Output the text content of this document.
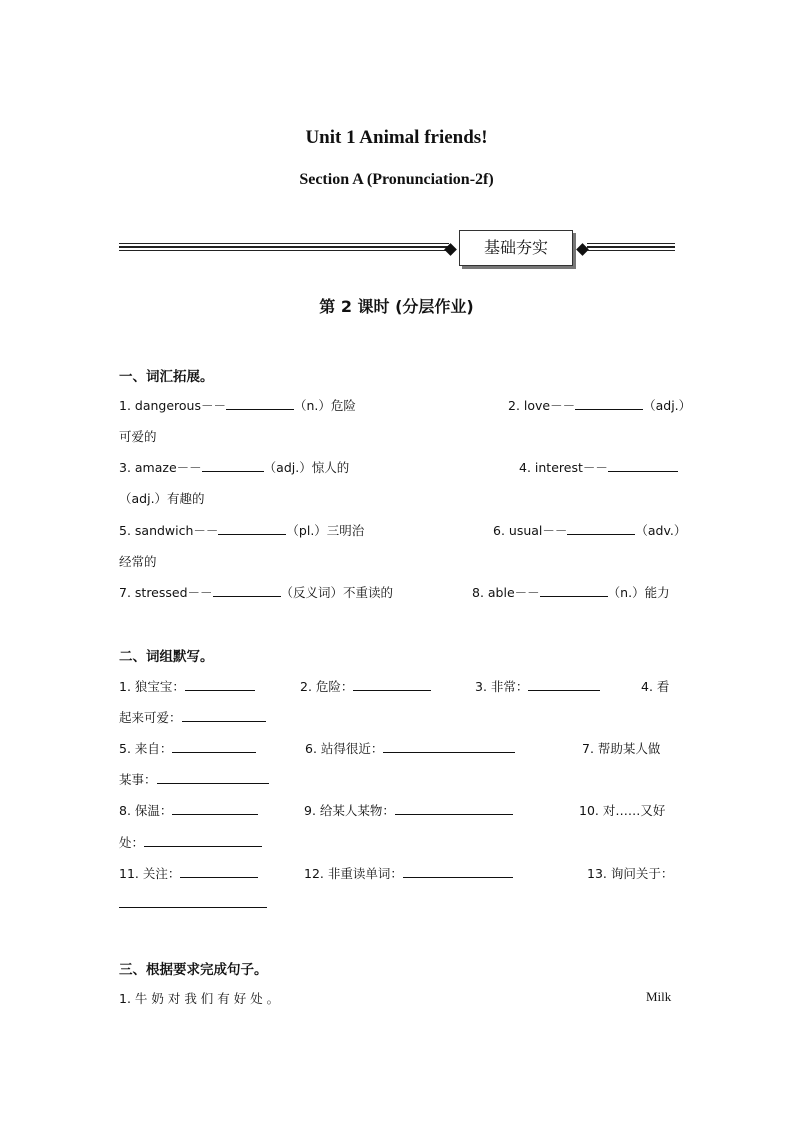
Unit 1 Animal friends!
Section A (Pronunciation-2f)
基础夯实
第 2 课时 (分层作业)
一、词汇拓展。
1. dangerous－－	（n.）危险	2. love－－	（adj.）
可爱的
3. amaze－－	（adj.）惊人的	4. interest－－
（adj.）有趣的
5. sandwich－－	（pl.）三明治	6. usual－－	（adv.）
经常的
7. stressed－－	（反义词）不重读的	8. able－－	（n.）能力
二、词组默写。
1. 狼宝宝：	2. 危险：	3. 非常：	4. 看
起来可爱：
5. 来自：	6. 站得很近：	7. 帮助某人做
某事：
8. 保温：	9. 给某人某物：	10. 对……又好
处：
11. 关注：	12. 非重读单词：	13. 询问关于：
三、根据要求完成句子。
1. 牛 奶 对 我 们 有 好 处 。	Milk
